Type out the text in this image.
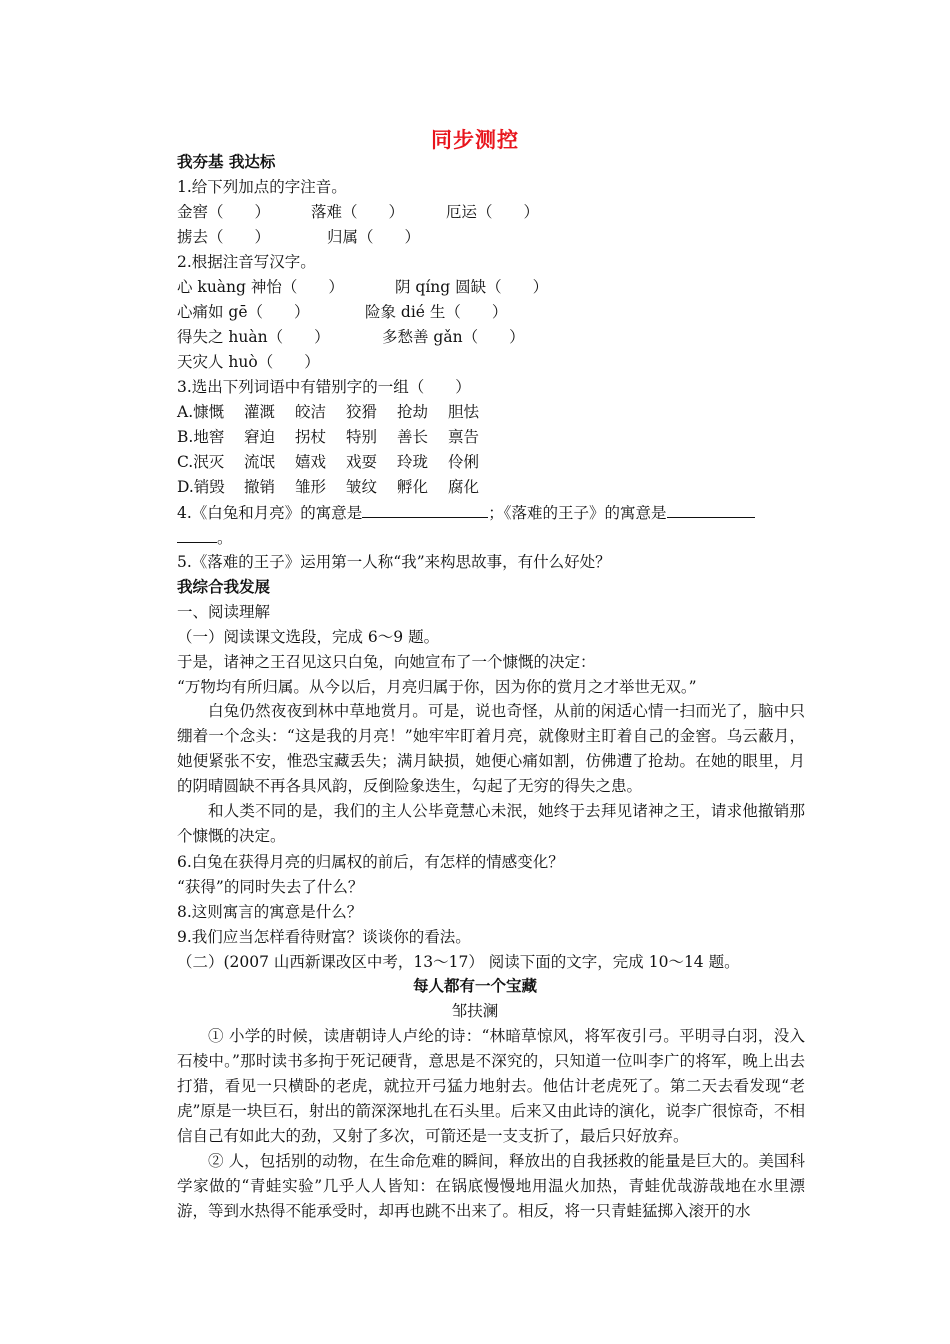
同步测控
我夯基 我达标
1.给下列加点的字注音。
金窖（　　）	落难（　　）	厄运（　　）
掳去（　　）	归属（　　）
2.根据注音写汉字。
心 kuàng 神怡（　　）	阴 qíng 圆缺（　　）
心痛如 gē（　　）	险象 dié 生（　　）
得失之 huàn（　　）	多愁善 gǎn（　　）
天灾人 huò（　　）
3.选出下列词语中有错别字的一组（　　）
A.慷慨 灌溉 皎洁 狡猾 抢劫 胆怯
B.地窖 窘迫 拐杖 特别 善长 禀告
C.泯灭 流氓 嬉戏 戏耍 玲珑 伶俐
D.销毁 撤销 雏形 皱纹 孵化 腐化
4.《白兔和月亮》的寓意是	；《落难的王子》的寓意是
。
5.《落难的王子》运用第一人称“我”来构思故事，有什么好处？
我综合我发展
一、阅读理解
（一）阅读课文选段，完成 6～9 题。
于是，诸神之王召见这只白兔，向她宣布了一个慷慨的决定：
“万物均有所归属。从今以后，月亮归属于你，因为你的赏月之才举世无双。”

白兔仍然夜夜到林中草地赏月。可是，说也奇怪，从前的闲适心情一扫而光了，脑中只绷着一个念头：“这是我的月亮！”她牢牢盯着月亮，就像财主盯着自己的金窖。乌云蔽月，她便紧张不安，惟恐宝藏丢失；满月缺损，她便心痛如割，仿佛遭了抢劫。在她的眼里，月的阴晴圆缺不再各具风韵，反倒险象迭生，勾起了无穷的得失之患。

和人类不同的是，我们的主人公毕竟慧心未泯，她终于去拜见诸神之王，请求他撤销那个慷慨的决定。

6.白兔在获得月亮的归属权的前后，有怎样的情感变化？
“获得”的同时失去了什么？
8.这则寓言的寓意是什么？
9.我们应当怎样看待财富？谈谈你的看法。
（二）(2007 山西新课改区中考，13～17） 阅读下面的文字，完成 10～14 题。
每人都有一个宝藏
邹扶澜

① 小学的时候，读唐朝诗人卢纶的诗：“林暗草惊风，将军夜引弓。平明寻白羽，没入石棱中。”那时读书多拘于死记硬背，意思是不深究的，只知道一位叫李广的将军，晚上出去打猎，看见一只横卧的老虎，就拉开弓猛力地射去。他估计老虎死了。第二天去看发现“老虎”原是一块巨石，射出的箭深深地扎在石头里。后来又由此诗的演化，说李广很惊奇，不相信自己有如此大的劲，又射了多次，可箭还是一支支折了，最后只好放弃。

② 人，包括别的动物，在生命危难的瞬间，释放出的自我拯救的能量是巨大的。美国科学家做的“青蛙实验”几乎人人皆知：在锅底慢慢地用温火加热，青蛙优哉游哉地在水里漂游，等到水热得不能承受时，却再也跳不出来了。相反，将一只青蛙猛掷入滚开的水
